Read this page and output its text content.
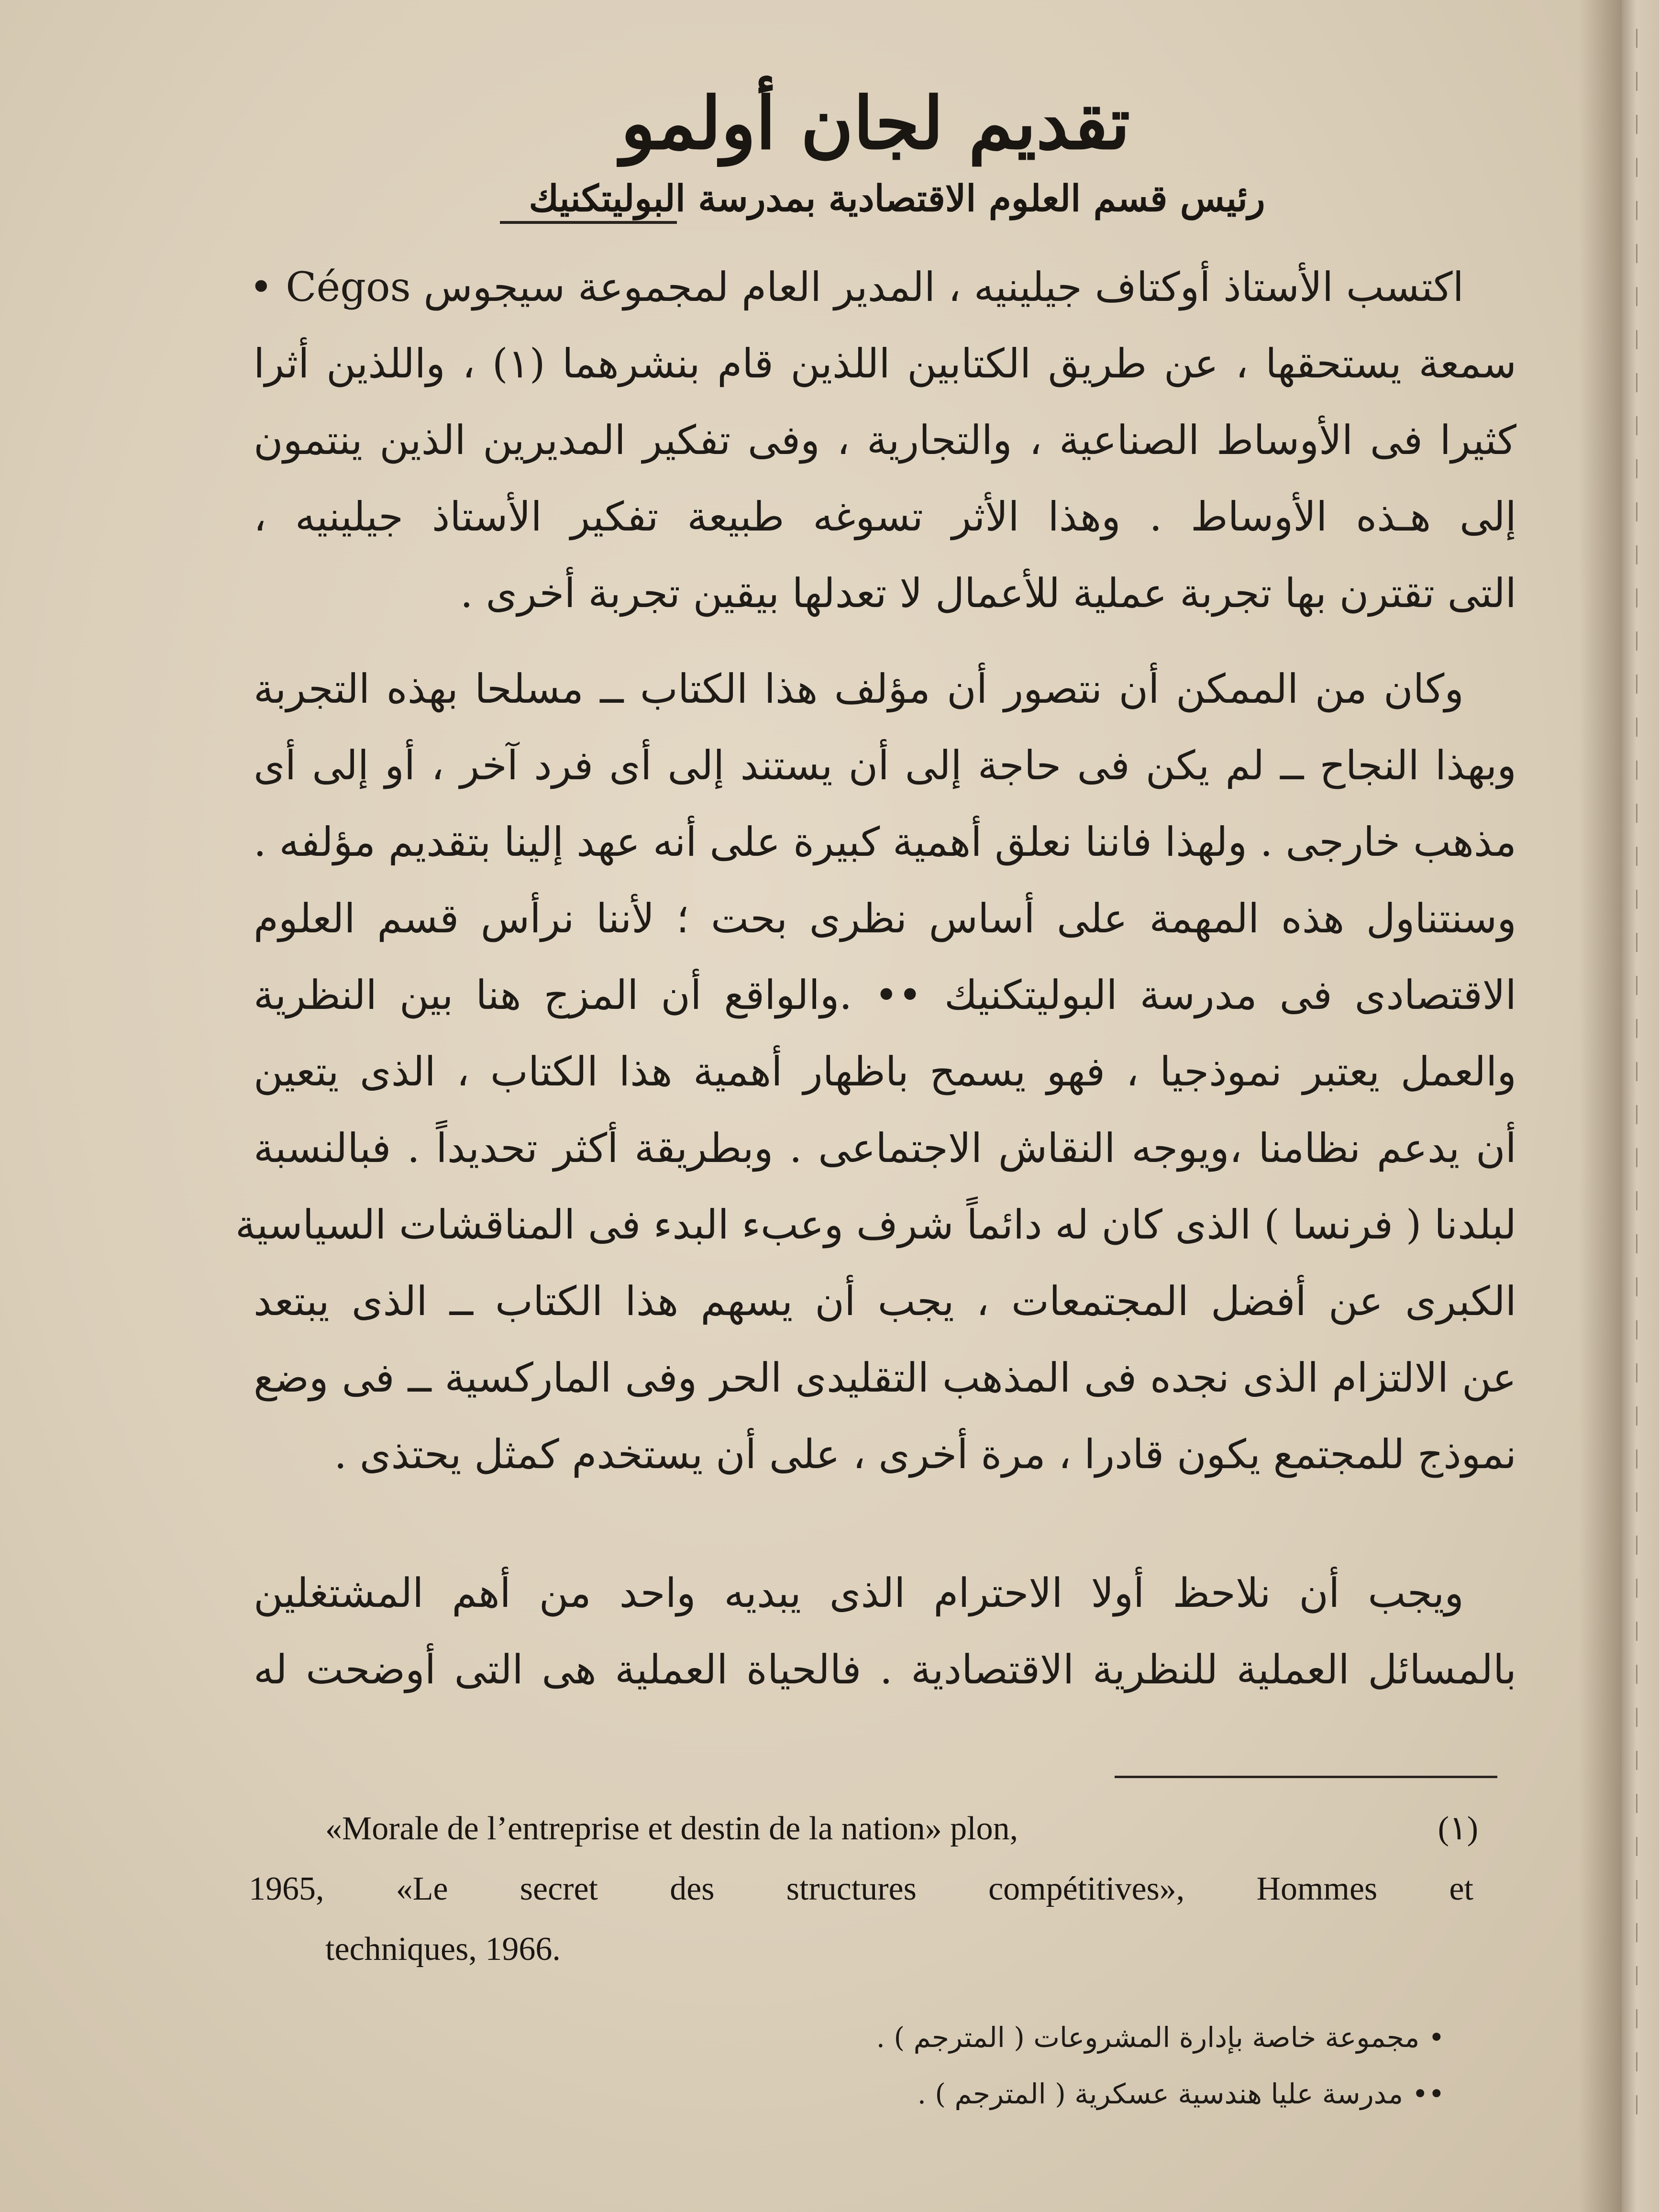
تقديم لجان أولمو
رئيس قسم العلوم الاقتصادية بمدرسة البوليتكنيك
اكتسب الأستاذ أوكتاف جيلينيه ، المدير العام لمجموعة سيجوس Cégos •
سمعة يستحقها ، عن طريق الكتابين اللذين قام بنشرهما (١) ، واللذين أثرا
كثيرا فى الأوساط الصناعية ، والتجارية ، وفى تفكير المديرين الذين ينتمون
إلى هـذه الأوساط . وهذا الأثر تسوغه طبيعة تفكير الأستاذ جيلينيه ،
التى تقترن بها تجربة عملية للأعمال لا تعدلها بيقين تجربة أخرى .
وكان من الممكن أن نتصور أن مؤلف هذا الكتاب ــ مسلحا بهذه التجربة
وبهذا النجاح ــ لم يكن فى حاجة إلى أن يستند إلى أى فرد آخر ، أو إلى أى
مذهب خارجى . ولهذا فاننا نعلق أهمية كبيرة على أنه عهد إلينا بتقديم مؤلفه .
وسنتناول هذه المهمة على أساس نظرى بحت ؛ لأننا نرأس قسم العلوم
الاقتصادى فى مدرسة البوليتكنيك •• .والواقع أن المزج هنا بين النظرية
والعمل يعتبر نموذجيا ، فهو يسمح باظهار أهمية هذا الكتاب ، الذى يتعين
أن يدعم نظامنا ،ويوجه النقاش الاجتماعى . وبطريقة أكثر تحديداً . فبالنسبة
لبلدنا ( فرنسا ) الذى كان له دائماً شرف وعبء البدء فى المناقشات السياسية
الكبرى عن أفضل المجتمعات ، يجب أن يسهم هذا الكتاب ــ الذى يبتعد
عن الالتزام الذى نجده فى المذهب التقليدى الحر وفى الماركسية ــ فى وضع
نموذج للمجتمع يكون قادرا ، مرة أخرى ، على أن يستخدم كمثل يحتذى .
ويجب أن نلاحظ أولا الاحترام الذى يبديه واحد من أهم المشتغلين
بالمسائل العملية للنظرية الاقتصادية . فالحياة العملية هى التى أوضحت له
(١)
«Morale de l’entreprise et destin de la nation» plon,
1965, «Le secret des structures compétitives», Hommes et
techniques, 1966.
• مجموعة خاصة بإدارة المشروعات ( المترجم ) .
•• مدرسة عليا هندسية عسكرية ( المترجم ) .
